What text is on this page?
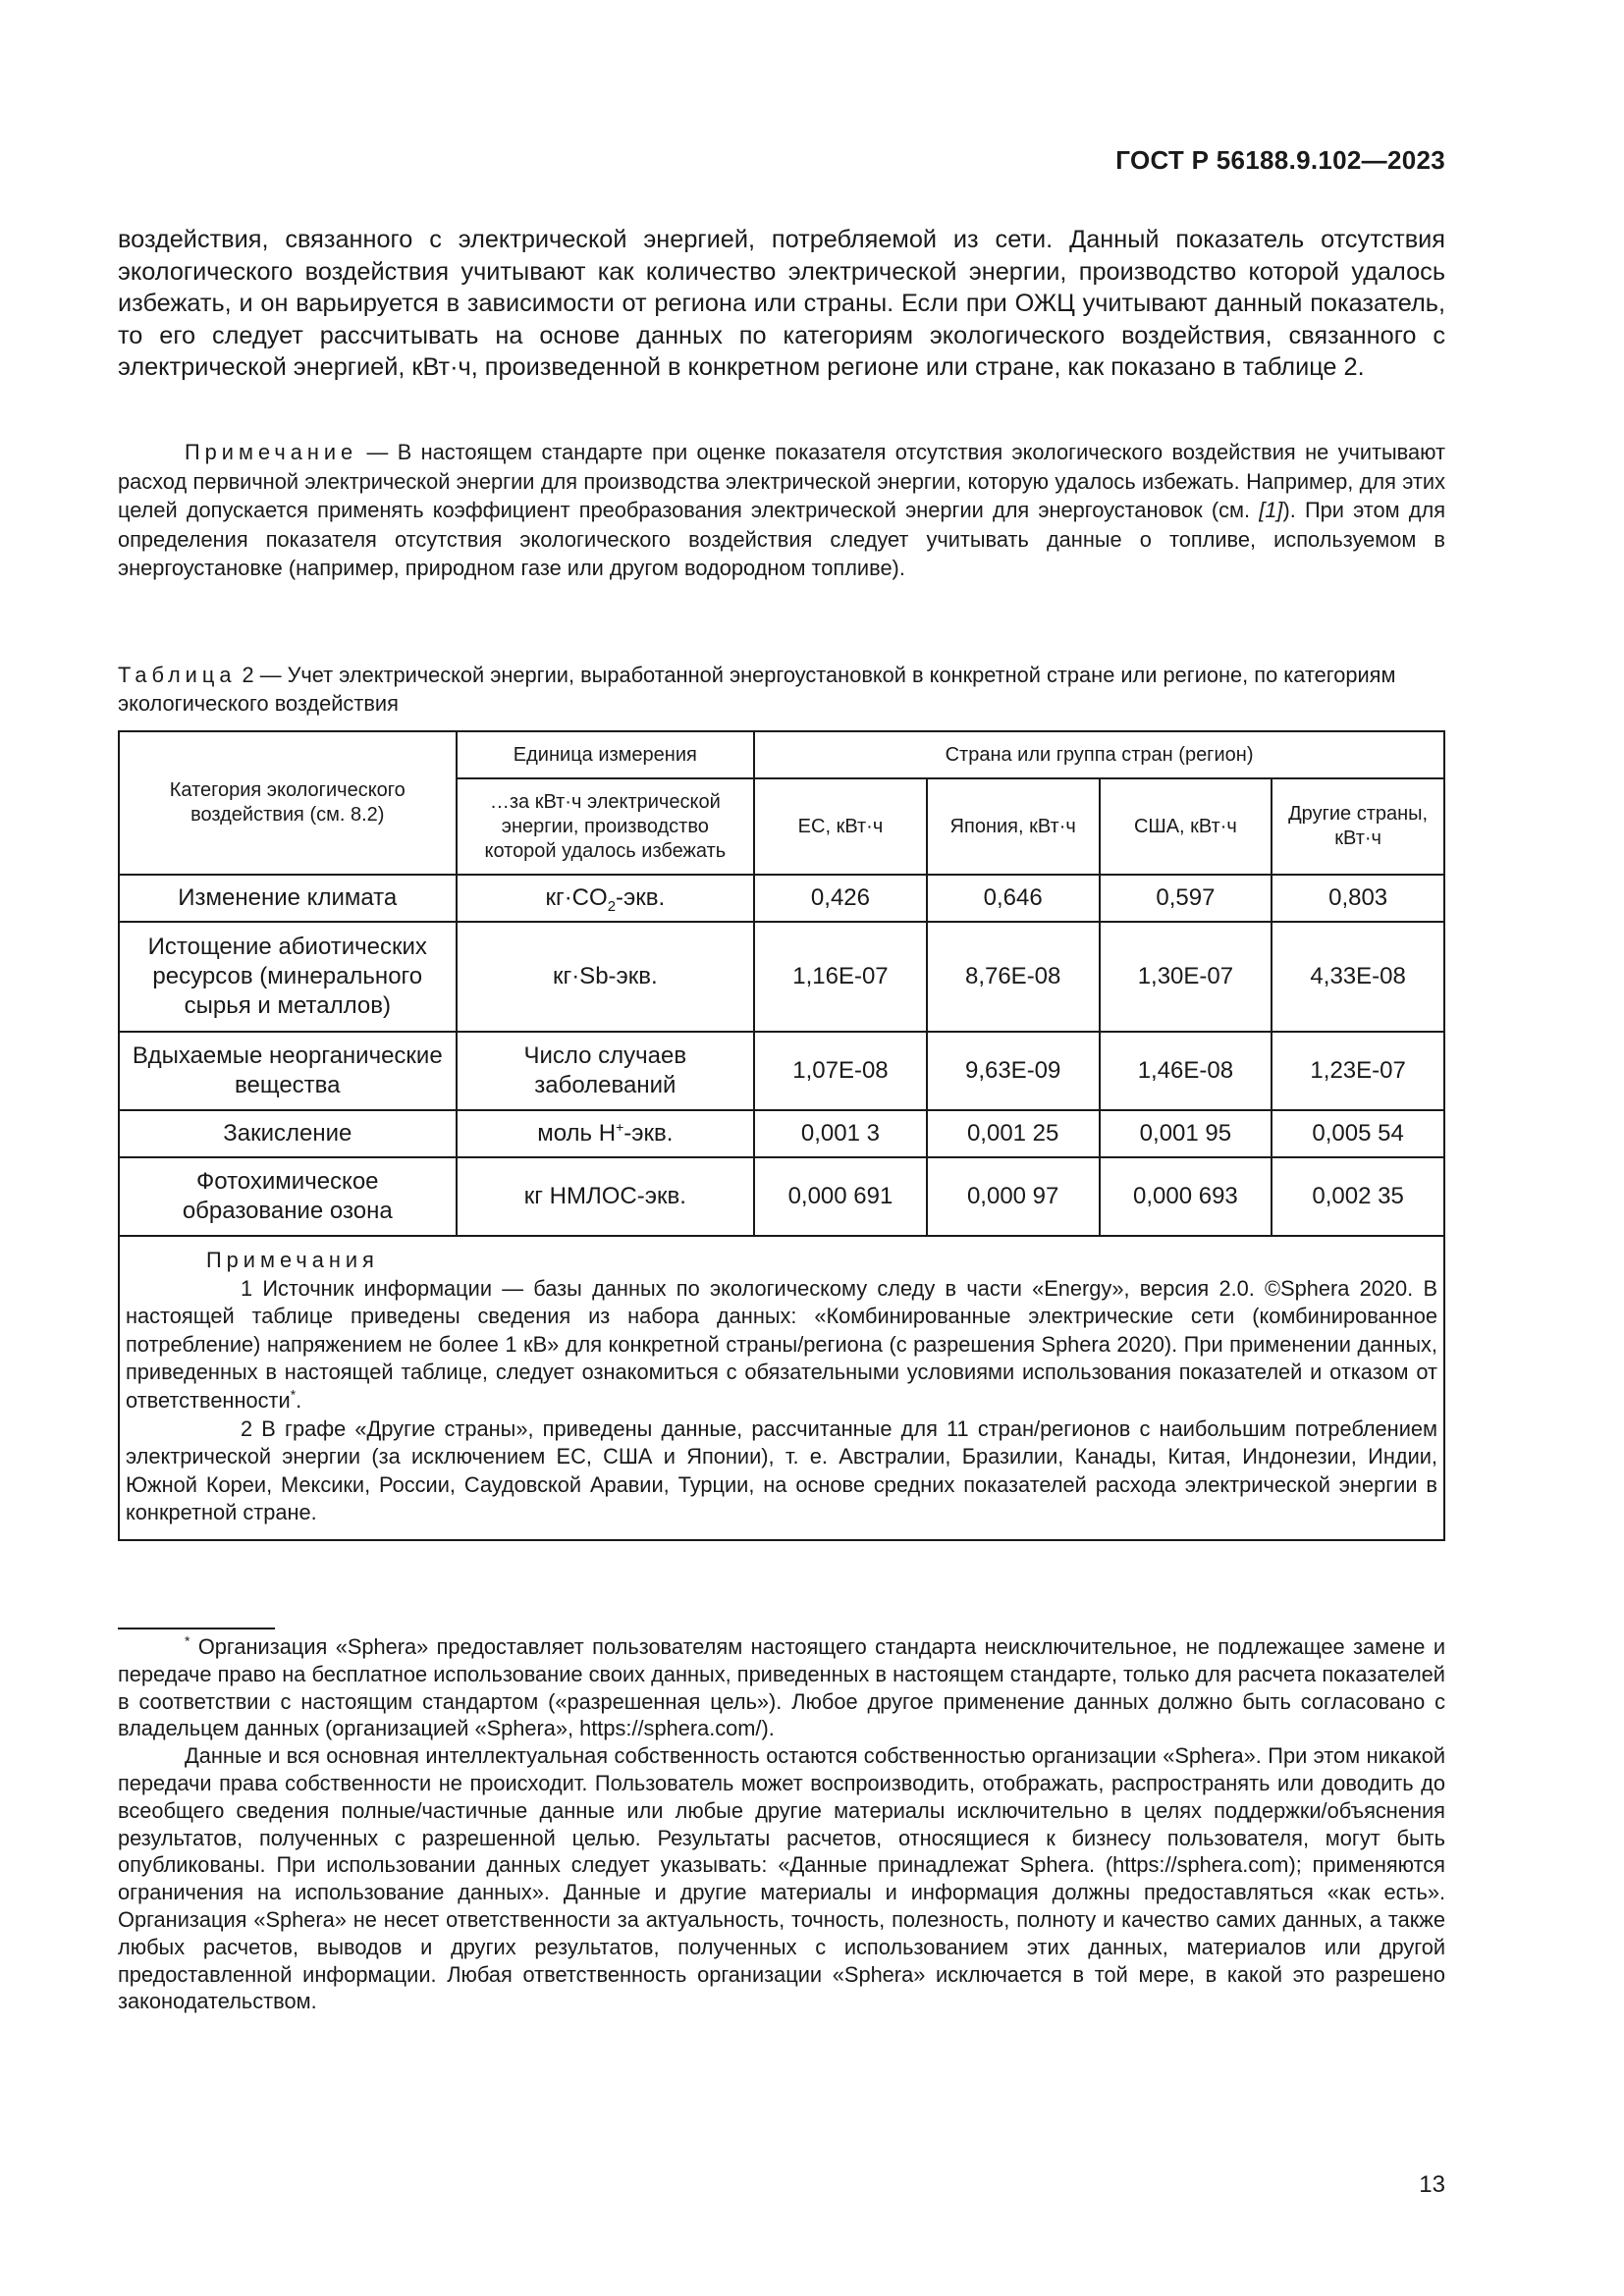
ГОСТ Р 56188.9.102—2023
воздействия, связанного с электрической энергией, потребляемой из сети. Данный показатель отсутствия экологического воздействия учитывают как количество электрической энергии, производство которой удалось избежать, и он варьируется в зависимости от региона или страны. Если при ОЖЦ учитывают данный показатель, то его следует рассчитывать на основе данных по категориям экологического воздействия, связанного с электрической энергией, кВт·ч, произведенной в конкретном регионе или стране, как показано в таблице 2.
Примечание — В настоящем стандарте при оценке показателя отсутствия экологического воздействия не учитывают расход первичной электрической энергии для производства электрической энергии, которую удалось избежать. Например, для этих целей допускается применять коэффициент преобразования электрической энергии для энергоустановок (см. [1]). При этом для определения показателя отсутствия экологического воздействия следует учитывать данные о топливе, используемом в энергоустановке (например, природном газе или другом водородном топливе).
Таблица 2 — Учет электрической энергии, выработанной энергоустановкой в конкретной стране или регионе, по категориям экологического воздействия
Категория экологического воздействия (см. 8.2)	Единица измерения	Страна или группа стран (регион)			
	…за кВт·ч электрической энергии, производство которой удалось избежать	ЕС, кВт·ч	Япония, кВт·ч	США, кВт·ч	Другие страны, кВт·ч
Изменение климата	$кг\cdot CO_2$-экв.	0,426	0,646	0,597	0,803
Истощение абиотических ресурсов (минерального сырья и металлов)	кг·Sb-экв.	1,16E-07	8,76E-08	1,30E-07	4,33E-08
Вдыхаемые неорганические вещества	Число случаев заболеваний	1,07E-08	9,63E-09	1,46E-08	1,23E-07
Закисление	моль H+-экв.	0,001 3	0,001 25	0,001 95	0,005 54
Фотохимическое образование озона	кг НМЛОС-экв.	0,000 691	0,000 97	0,000 693	0,002 35

Примечания

1 Источник информации — базы данных по экологическому следу в части «Energy», версия 2.0. ©Sphera 2020. В настоящей таблице приведены сведения из набора данных: «Комбинированные электрические сети (комбинированное потребление) напряжением не более 1 кВ» для конкретной страны/региона (с разрешения Sphera 2020). При применении данных, приведенных в настоящей таблице, следует ознакомиться с обязательными условиями использования показателей и отказом от ответственности*.

2 В графе «Другие страны», приведены данные, рассчитанные для 11 стран/регионов с наибольшим потреблением электрической энергии (за исключением ЕС, США и Японии), т. е. Австралии, Бразилии, Канады, Китая, Индонезии, Индии, Южной Кореи, Мексики, России, Саудовской Аравии, Турции, на основе средних показателей расхода электрической энергии в конкретной стране.					

* Организация «Sphera» предоставляет пользователям настоящего стандарта неисключительное, не подлежащее замене и передаче право на бесплатное использование своих данных, приведенных в настоящем стандарте, только для расчета показателей в соответствии с настоящим стандартом («разрешенная цель»). Любое другое применение данных должно быть согласовано с владельцем данных (организацией «Sphera», https://sphera.com/).

Данные и вся основная интеллектуальная собственность остаются собственностью организации «Sphera». При этом никакой передачи права собственности не происходит. Пользователь может воспроизводить, отображать, распространять или доводить до всеобщего сведения полные/частичные данные или любые другие материалы исключительно в целях поддержки/объяснения результатов, полученных с разрешенной целью. Результаты расчетов, относящиеся к бизнесу пользователя, могут быть опубликованы. При использовании данных следует указывать: «Данные принадлежат Sphera. (https://sphera.com); применяются ограничения на использование данных». Данные и другие материалы и информация должны предоставляться «как есть». Организация «Sphera» не несет ответственности за актуальность, точность, полезность, полноту и качество самих данных, а также любых расчетов, выводов и других результатов, полученных с использованием этих данных, материалов или другой предоставленной информации. Любая ответственность организации «Sphera» исключается в той мере, в какой это разрешено законодательством.

13
